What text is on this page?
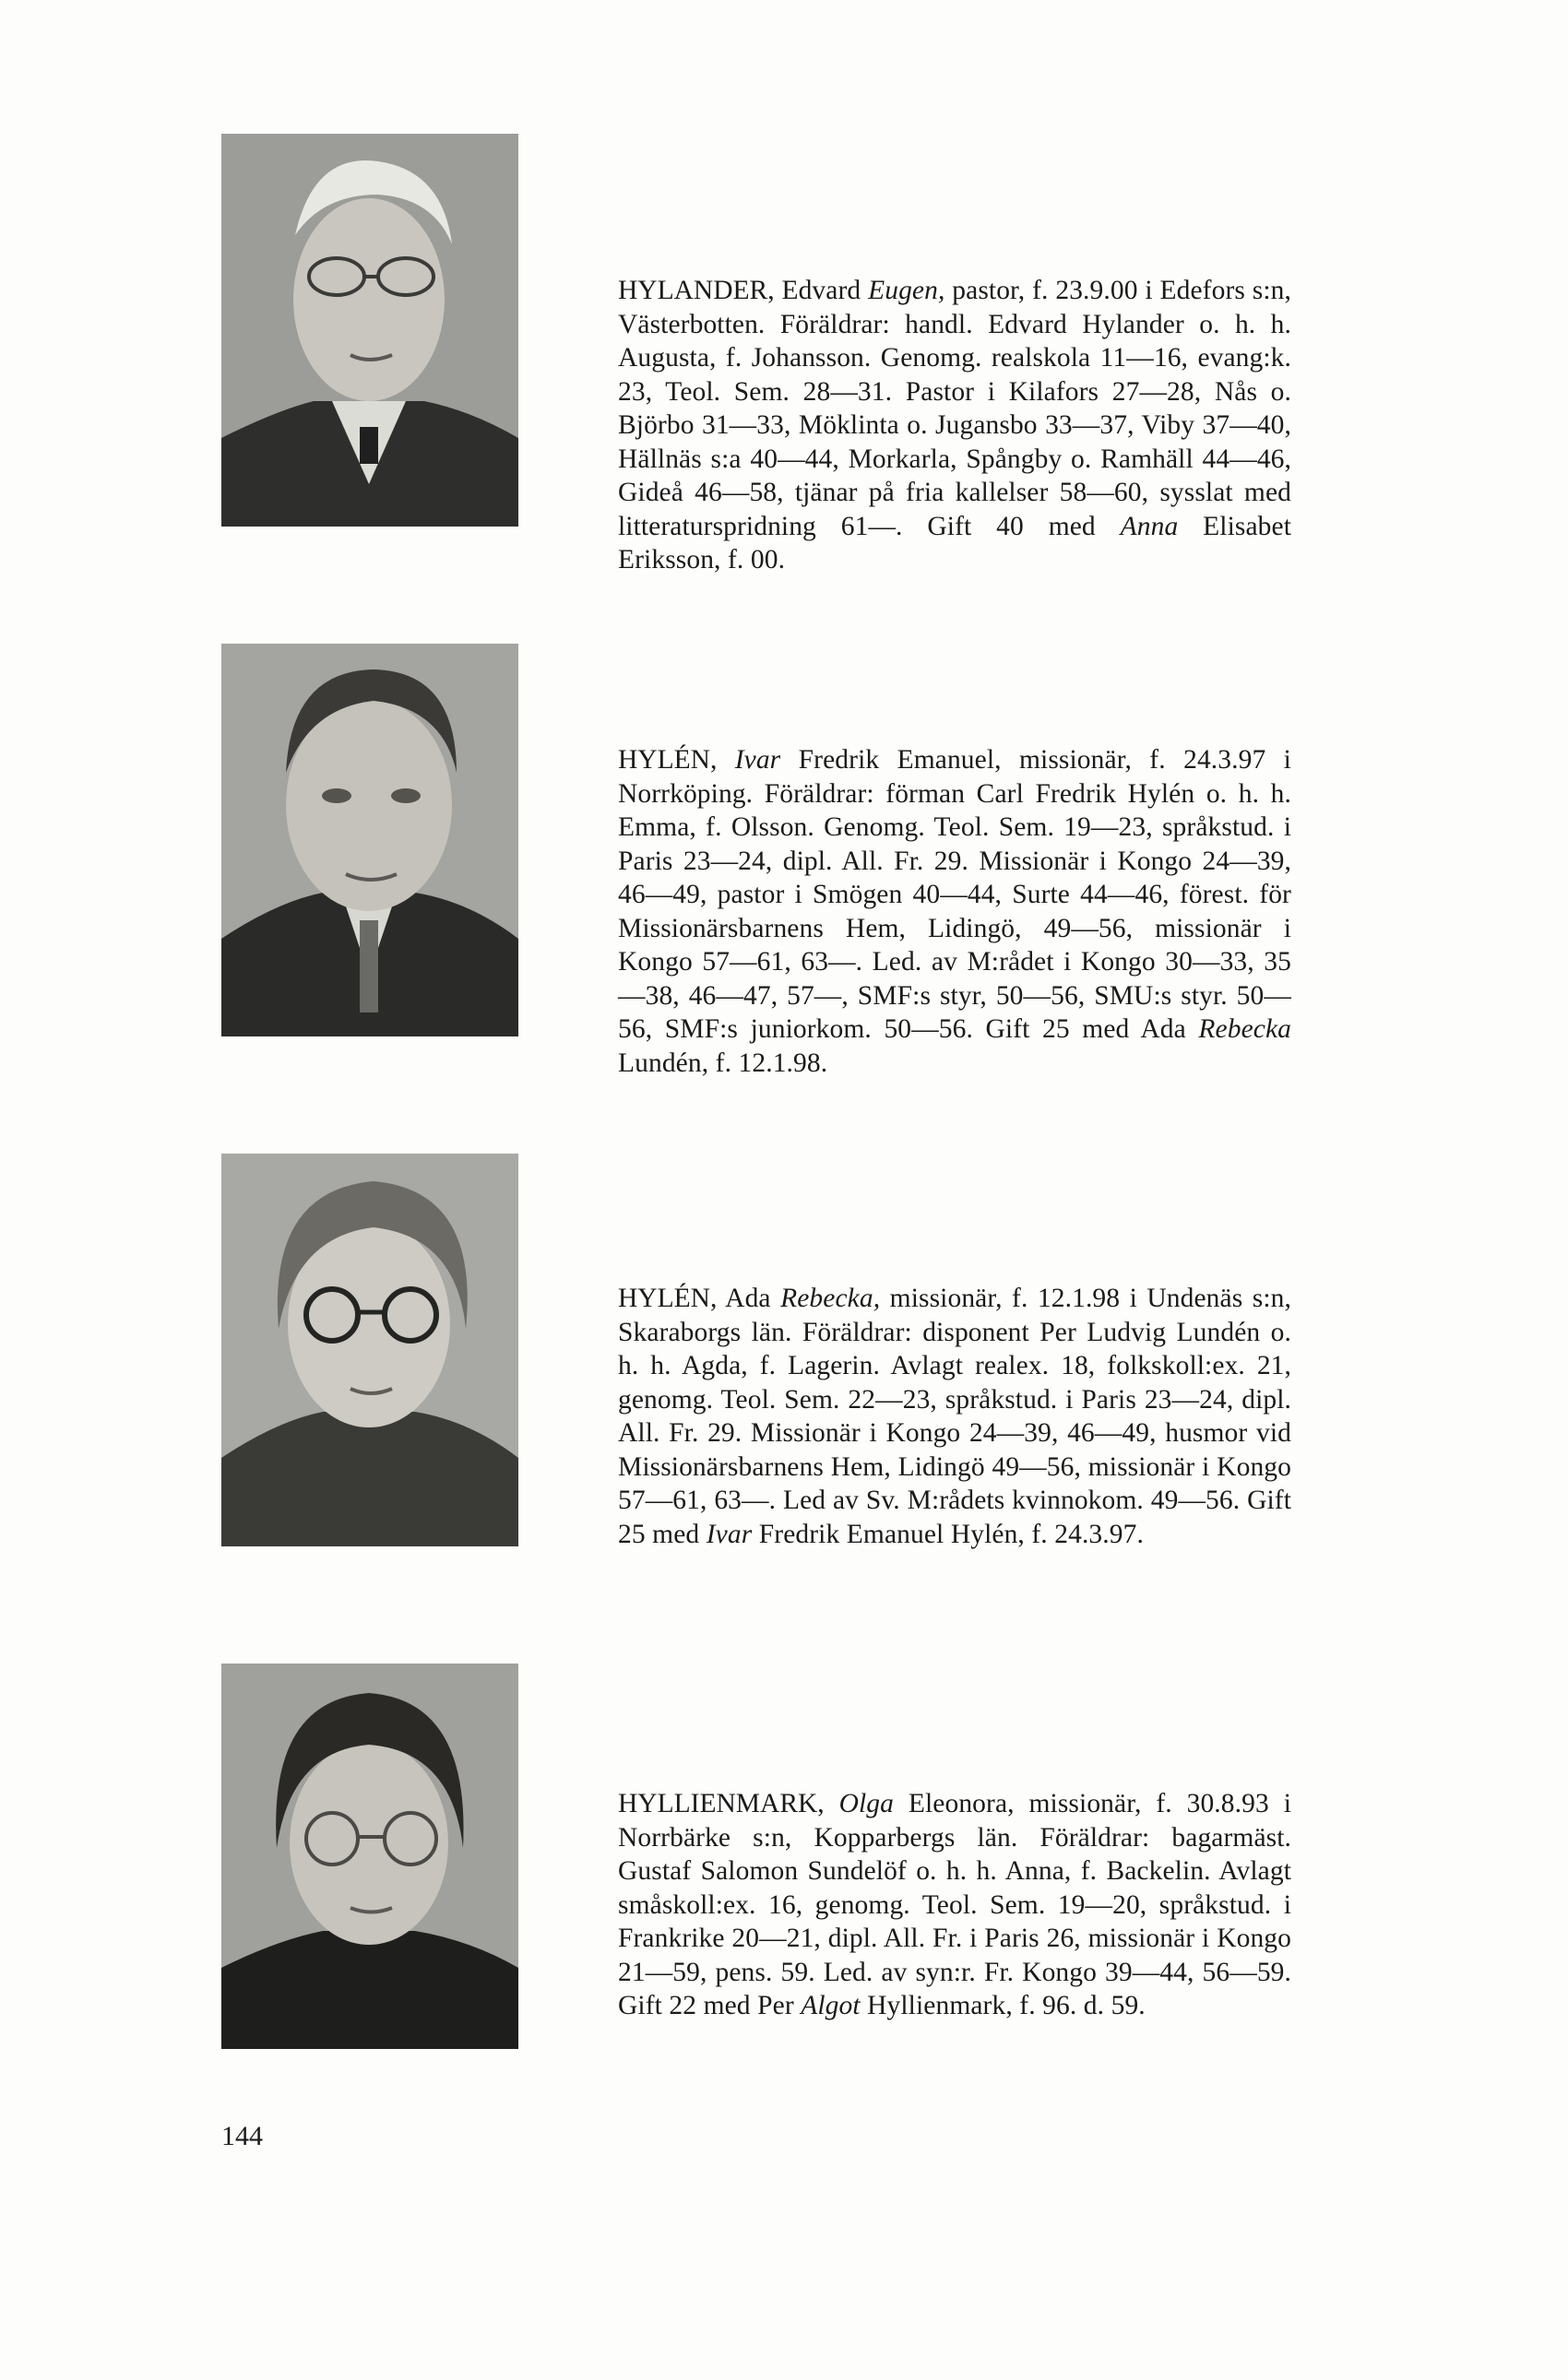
HYLANDER, Edvard Eugen, pastor, f. 23.9.00 i Edefors s:n, Västerbotten. Föräldrar: handl. Edvard Hylander o. h. h. Augusta, f. Johansson. Genomg. realskola 11—16, evang:k. 23, Teol. Sem. 28—31. Pastor i Kilafors 27—28, Nås o. Björbo 31—33, Möklinta o. Jugansbo 33—37, Viby 37—40, Hällnäs s:a 40—44, Morkarla, Spångby o. Ramhäll 44—46, Gideå 46—58, tjänar på fria kallelser 58—60, sysslat med litteraturspridning 61—. Gift 40 med Anna Elisabet Eriksson, f. 00.

HYLÉN, Ivar Fredrik Emanuel, missionär, f. 24.3.97 i Norrköping. Föräldrar: förman Carl Fredrik Hylén o. h. h. Emma, f. Olsson. Genomg. Teol. Sem. 19—23, språkstud. i Paris 23—24, dipl. All. Fr. 29. Missionär i Kongo 24—39, 46—49, pastor i Smögen 40—44, Surte 44—46, förest. för Missionärsbarnens Hem, Lidingö, 49—56, missionär i Kongo 57—61, 63—. Led. av M:rådet i Kongo 30—33, 35—38, 46—47, 57—, SMF:s styr, 50—56, SMU:s styr. 50—56, SMF:s juniorkom. 50—56. Gift 25 med Ada Rebecka Lundén, f. 12.1.98.

HYLÉN, Ada Rebecka, missionär, f. 12.1.98 i Undenäs s:n, Skaraborgs län. Föräldrar: disponent Per Ludvig Lundén o. h. h. Agda, f. Lagerin. Avlagt realex. 18, folkskoll:ex. 21, genomg. Teol. Sem. 22—23, språkstud. i Paris 23—24, dipl. All. Fr. 29. Missionär i Kongo 24—39, 46—49, husmor vid Missionärsbarnens Hem, Lidingö 49—56, missionär i Kongo 57—61, 63—. Led av Sv. M:rådets kvinnokom. 49—56. Gift 25 med Ivar Fredrik Emanuel Hylén, f. 24.3.97.

HYLLIENMARK, Olga Eleonora, missionär, f. 30.8.93 i Norrbärke s:n, Kopparbergs län. Föräldrar: bagarmäst. Gustaf Salomon Sundelöf o. h. h. Anna, f. Backelin. Avlagt småskoll:ex. 16, genomg. Teol. Sem. 19—20, språkstud. i Frankrike 20—21, dipl. All. Fr. i Paris 26, missionär i Kongo 21—59, pens. 59. Led. av syn:r. Fr. Kongo 39—44, 56—59. Gift 22 med Per Algot Hyllienmark, f. 96. d. 59.

144
